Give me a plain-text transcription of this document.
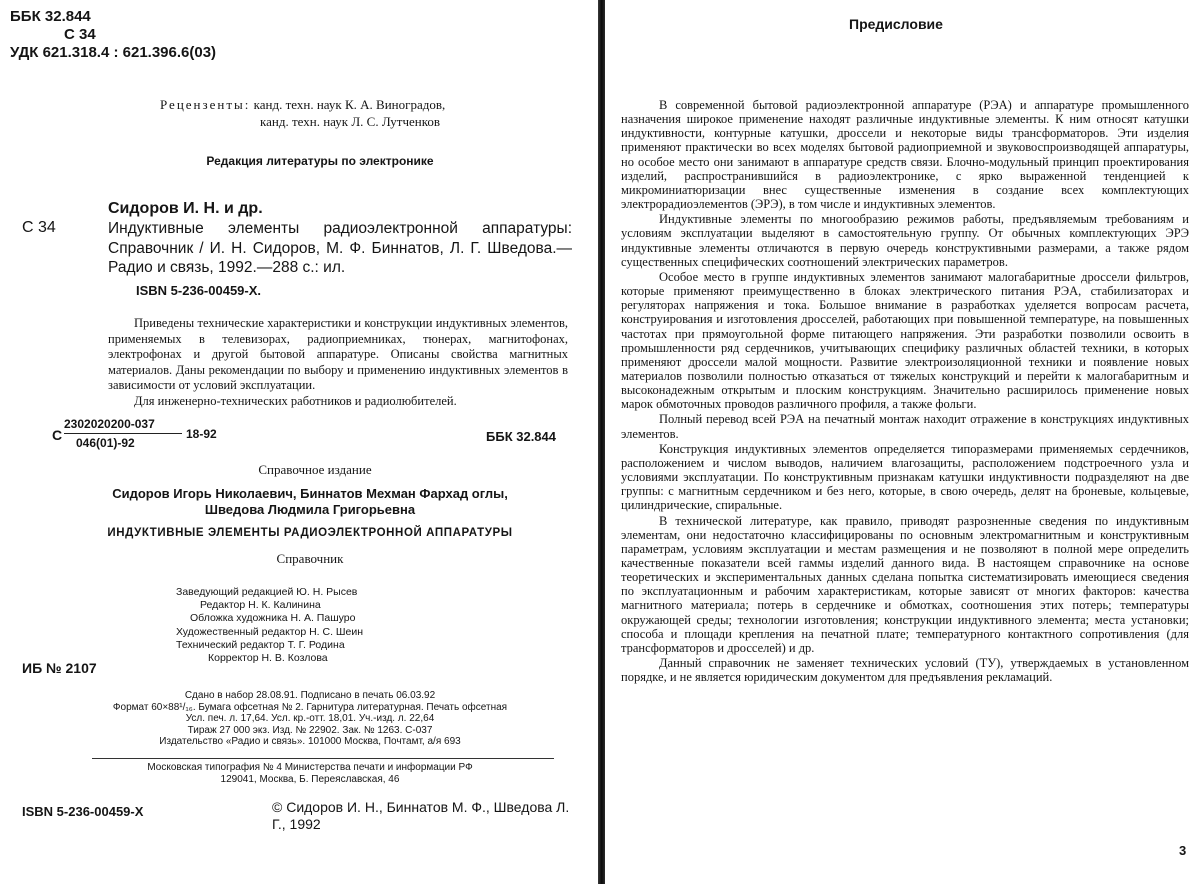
ББК 32.844
С 34
УДК 621.318.4 : 621.396.6(03)
Рецензенты: канд. техн. наук К. А. Виноградов,
канд. техн. наук Л. С. Лутченков
Редакция литературы по электронике
Сидоров И. Н. и др.
С 34	Индуктивные элементы радиоэлектронной аппаратуры: Справочник / И. Н. Сидоров, М. Ф. Биннатов, Л. Г. Шведова.—Радио и связь, 1992.—288 с.: ил.
ISBN 5-236-00459-X.

Приведены технические характеристики и конструкции индуктивных элементов, применяемых в телевизорах, радиоприемниках, тюнерах, магнитофонах, электрофонах и другой бытовой аппаратуре. Описаны свойства магнитных материалов. Даны рекомендации по выбору и применению индуктивных элементов в зависимости от условий эксплуатации.

Для инженерно-технических работников и радиолюбителей.

С
2302020200-037
046(01)-92
18-92	ББК 32.844
Справочное издание
Сидоров Игорь Николаевич, Биннатов Мехман Фархад оглы,
Шведова Людмила Григорьевна
ИНДУКТИВНЫЕ ЭЛЕМЕНТЫ РАДИОЭЛЕКТРОННОЙ АППАРАТУРЫ
Справочник
Заведующий редакцией Ю. Н. Рысев
Редактор Н. К. Калинина
Обложка художника Н. А. Пашуро
Художественный редактор Н. С. Шеин
Технический редактор Т. Г. Родина
Корректор Н. В. Козлова
ИБ № 2107
Сдано в набор 28.08.91. Подписано в печать 06.03.92
Формат 60×88¹/₁₆. Бумага офсетная № 2. Гарнитура литературная. Печать офсетная
Усл. печ. л. 17,64. Усл. кр.-отт. 18,01. Уч.-изд. л. 22,64
Тираж 27 000 экз. Изд. № 22902. Зак. № 1263. С-037
Издательство «Радио и связь». 101000 Москва, Почтамт, а/я 693
Московская типография № 4 Министерства печати и информации РФ
129041, Москва, Б. Переяславская, 46
ISBN 5-236-00459-X	© Сидоров И. Н., Биннатов М. Ф., Шведова Л. Г., 1992
Предисловие

В современной бытовой радиоэлектронной аппаратуре (РЭА) и аппаратуре промышленного назначения широкое применение находят различные индуктивные элементы. К ним относят катушки индуктивности, контурные катушки, дроссели и некоторые виды трансформаторов. Эти изделия применяют практически во всех моделях бытовой радиоприемной и звуковоспроизводящей аппаратуры, но особое место они занимают в аппаратуре средств связи. Блочно-модульный принцип проектирования изделий, распространившийся в радиоэлектронике, с ярко выраженной тенденцией к микроминиатюризации внес существенные изменения в создание всех комплектующих электрорадиоэлементов (ЭРЭ), в том числе и индуктивных элементов.

Индуктивные элементы по многообразию режимов работы, предъявляемым требованиям и условиям эксплуатации выделяют в самостоятельную группу. От обычных комплектующих ЭРЭ индуктивные элементы отличаются в первую очередь конструктивными размерами, а также рядом существенных специфических соотношений электрических параметров.

Особое место в группе индуктивных элементов занимают малогабаритные дроссели фильтров, которые применяют преимущественно в блоках электрического питания РЭА, стабилизаторах и регуляторах напряжения и тока. Большое внимание в разработках уделяется вопросам расчета, конструирования и изготовления дросселей, работающих при повышенной температуре, на повышенных частотах при прямоугольной форме питающего напряжения. Эти разработки позволили освоить в промышленности ряд сердечников, учитывающих специфику различных областей техники, в которых применяют дроссели малой мощности. Развитие электроизоляционной техники и появление новых материалов позволили полностью отказаться от тяжелых конструкций и перейти к малогабаритным и высоконадежным открытым и плоским конструкциям. Значительно расширилось применение новых марок обмоточных проводов различного профиля, а также фольги.

Полный перевод всей РЭА на печатный монтаж находит отражение в конструкциях индуктивных элементов.

Конструкция индуктивных элементов определяется типоразмерами применяемых сердечников, расположением и числом выводов, наличием влагозащиты, расположением подстроечного узла и условиями эксплуатации. По конструктивным признакам катушки индуктивности подразделяют на две группы: с магнитным сердечником и без него, которые, в свою очередь, делят на броневые, кольцевые, цилиндрические, спиральные.

В технической литературе, как правило, приводят разрозненные сведения по индуктивным элементам, они недостаточно классифицированы по основным электромагнитным и конструктивным параметрам, условиям эксплуатации и местам размещения и не позволяют в полной мере определить качественные показатели всей гаммы изделий данного вида. В настоящем справочнике на основе теоретических и экспериментальных данных сделана попытка систематизировать имеющиеся сведения по эксплуатационным и рабочим характеристикам, которые зависят от многих факторов: качества магнитного материала; потерь в сердечнике и обмотках, соотношения этих потерь; температуры окружающей среды; технологии изготовления; конструкции индуктивного элемента; места установки; способа и площади крепления на печатной плате; температурного контактного сопротивления (для трансформаторов и дросселей) и др.

Данный справочник не заменяет технических условий (ТУ), утверждаемых в установленном порядке, и не является юридическим документом для предъявления рекламаций.

3
